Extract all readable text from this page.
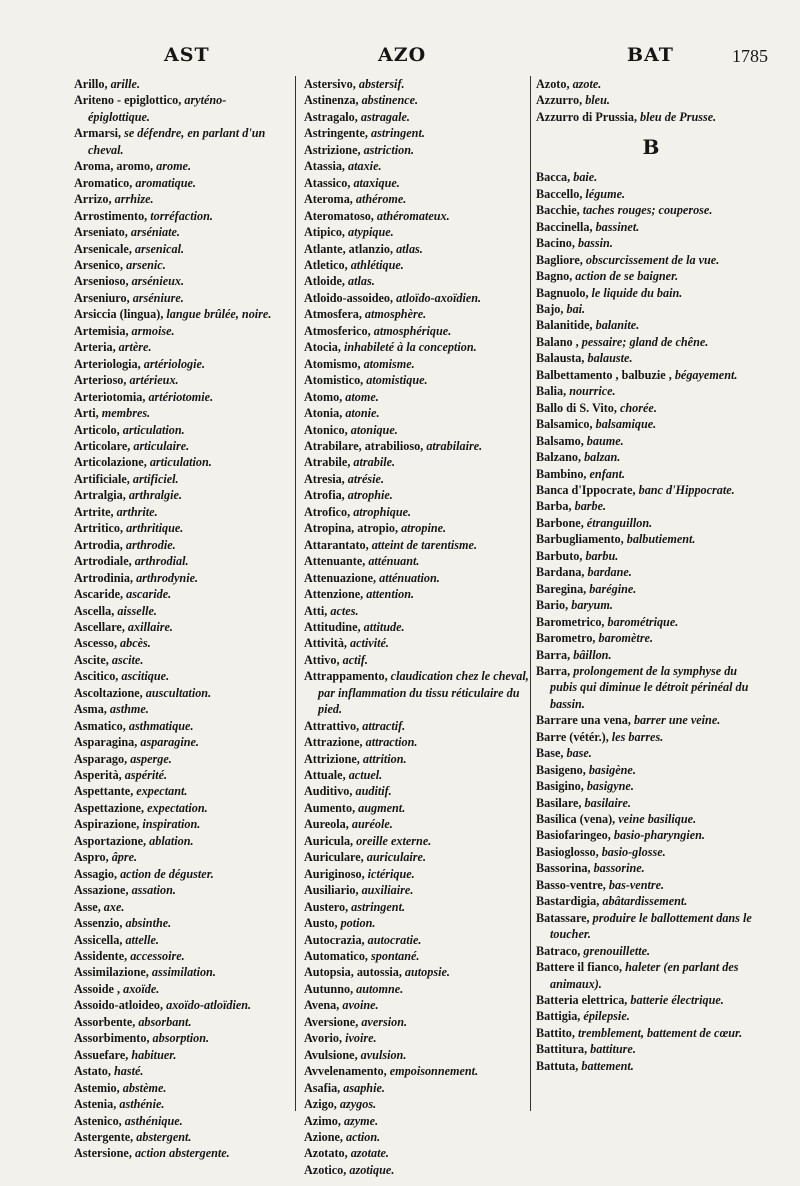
AST	AZO	BAT	1785
Arillo, arille.
Ariteno - epiglottico, aryténo-épiglottique.
Armarsi, se défendre, en parlant d'un cheval.
Aroma, aromo, arome.
Aromatico, aromatique.
Arrizo, arrhize.
Arrostimento, torréfaction.
Arseniato, arséniate.
Arsenicale, arsenical.
Arsenico, arsenic.
Arsenioso, arsénieux.
Arseniuro, arséniure.
Arsiccia (lingua), langue brûlée, noire.
Artemisia, armoise.
Arteria, artère.
Arteriologia, artériologie.
Arterioso, artérieux.
Arteriotomia, artériotomie.
Arti, membres.
Articolo, articulation.
Articolare, articulaire.
Articolazione, articulation.
Artificiale, artificiel.
Artralgia, arthralgie.
Artrite, arthrite.
Artritico, arthritique.
Artrodia, arthrodie.
Artrodiale, arthrodial.
Artrodinia, arthrodynie.
Ascaride, ascaride.
Ascella, aisselle.
Ascellare, axillaire.
Ascesso, abcès.
Ascite, ascite.
Ascitico, ascitique.
Ascoltazione, auscultation.
Asma, asthme.
Asmatico, asthmatique.
Asparagina, asparagine.
Asparago, asperge.
Asperità, aspérité.
Aspettante, expectant.
Aspettazione, expectation.
Aspirazione, inspiration.
Asportazione, ablation.
Aspro, âpre.
Assagio, action de déguster.
Assazione, assation.
Asse, axe.
Assenzio, absinthe.
Assicella, attelle.
Assidente, accessoire.
Assimilazione, assimilation.
Assoide , axoïde.
Assoido-atloideo, axoïdo-atloïdien.
Assorbente, absorbant.
Assorbimento, absorption.
Assuefare, habituer.
Astato, hasté.
Astemio, abstème.
Astenia, asthénie.
Astenico, asthénique.
Astergente, abstergent.
Astersione, action abstergente.
Astersivo, abstersif.
Astinenza, abstinence.
Astragalo, astragale.
Astringente, astringent.
Astrizione, astriction.
Atassia, ataxie.
Atassico, ataxique.
Ateroma, athérome.
Ateromatoso, athéromateux.
Atipico, atypique.
Atlante, atlanzio, atlas.
Atletico, athlétique.
Atloide, atlas.
Atloido-assoideo, atloïdo-axoïdien.
Atmosfera, atmosphère.
Atmosferico, atmosphérique.
Atocia, inhabileté à la conception.
Atomismo, atomisme.
Atomistico, atomistique.
Atomo, atome.
Atonia, atonie.
Atonico, atonique.
Atrabilare, atrabilioso, atrabilaire.
Atrabile, atrabile.
Atresia, atrésie.
Atrofia, atrophie.
Atrofico, atrophique.
Atropina, atropio, atropine.
Attarantato, atteint de tarentisme.
Attenuante, atténuant.
Attenuazione, atténuation.
Attenzione, attention.
Atti, actes.
Attitudine, attitude.
Attività, activité.
Attivo, actif.
Attrappamento, claudication chez le cheval, par inflammation du tissu réticulaire du pied.
Attrattivo, attractif.
Attrazione, attraction.
Attrizione, attrition.
Attuale, actuel.
Auditivo, auditif.
Aumento, augment.
Aureola, auréole.
Auricula, oreille externe.
Auriculare, auriculaire.
Auriginoso, ictérique.
Ausiliario, auxiliaire.
Austero, astringent.
Austo, potion.
Autocrazia, autocratie.
Automatico, spontané.
Autopsia, autossia, autopsie.
Autunno, automne.
Avena, avoine.
Aversione, aversion.
Avorio, ivoire.
Avulsione, avulsion.
Avvelenamento, empoisonnement.
Asafia, asaphie.
Azigo, azygos.
Azimo, azyme.
Azione, action.
Azotato, azotate.
Azotico, azotique.
Azoto, azote.
Azzurro, bleu.
Azzurro di Prussia, bleu de Prusse.
B
Bacca, baie.
Baccello, légume.
Bacchie, taches rouges; couperose.
Baccinella, bassinet.
Bacino, bassin.
Bagliore, obscurcissement de la vue.
Bagno, action de se baigner.
Bagnuolo, le liquide du bain.
Bajo, bai.
Balanitide, balanite.
Balano , pessaire; gland de chêne.
Balausta, balauste.
Balbettamento , balbuzie , bégayement.
Balia, nourrice.
Ballo di S. Vito, chorée.
Balsamico, balsamique.
Balsamo, baume.
Balzano, balzan.
Bambino, enfant.
Banca d'Ippocrate, banc d'Hippocrate.
Barba, barbe.
Barbone, étranguillon.
Barbugliamento, balbutiement.
Barbuto, barbu.
Bardana, bardane.
Baregina, barégine.
Bario, baryum.
Barometrico, barométrique.
Barometro, baromètre.
Barra, bâillon.
Barra, prolongement de la symphyse du pubis qui diminue le détroit périnéal du bassin.
Barrare una vena, barrer une veine.
Barre (vétér.), les barres.
Base, base.
Basigeno, basigène.
Basigino, basigyne.
Basilare, basilaire.
Basilica (vena), veine basilique.
Basiofaringeo, basio-pharyngien.
Basioglosso, basio-glosse.
Bassorina, bassorine.
Basso-ventre, bas-ventre.
Bastardigia, abâtardissement.
Batassare, produire le ballottement dans le toucher.
Batraco, grenouillette.
Battere il fianco, haleter (en parlant des animaux).
Batteria elettrica, batterie électrique.
Battigia, épilepsie.
Battito, tremblement, battement de cœur.
Battitura, battiture.
Battuta, battement.
